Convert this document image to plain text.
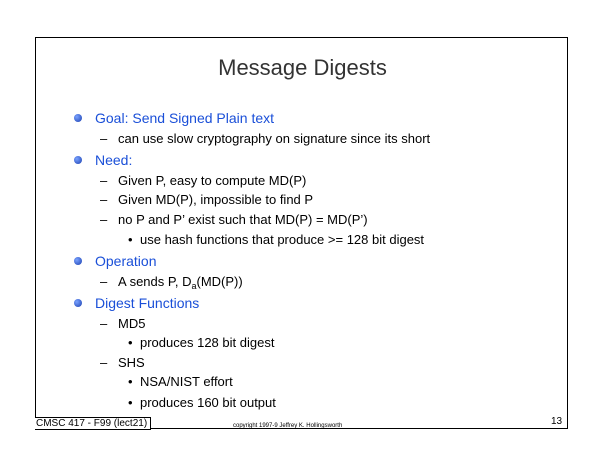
Message Digests
Goal: Send Signed Plain text
– can use slow cryptography on signature since its short
Need:
– Given P, easy to compute MD(P)
– Given MD(P), impossible to find P
– no P and P’ exist such that MD(P) = MD(P’)
• use hash functions that produce >= 128 bit digest
Operation
– A sends P, $D_a(MD(P))$
Digest Functions
– MD5
• produces 128 bit digest
– SHS
• NSA/NIST effort
• produces 160 bit output
CMSC 417 - F99 (lect21)	copyright 1997-9 Jeffrey K. Hollingsworth	13
